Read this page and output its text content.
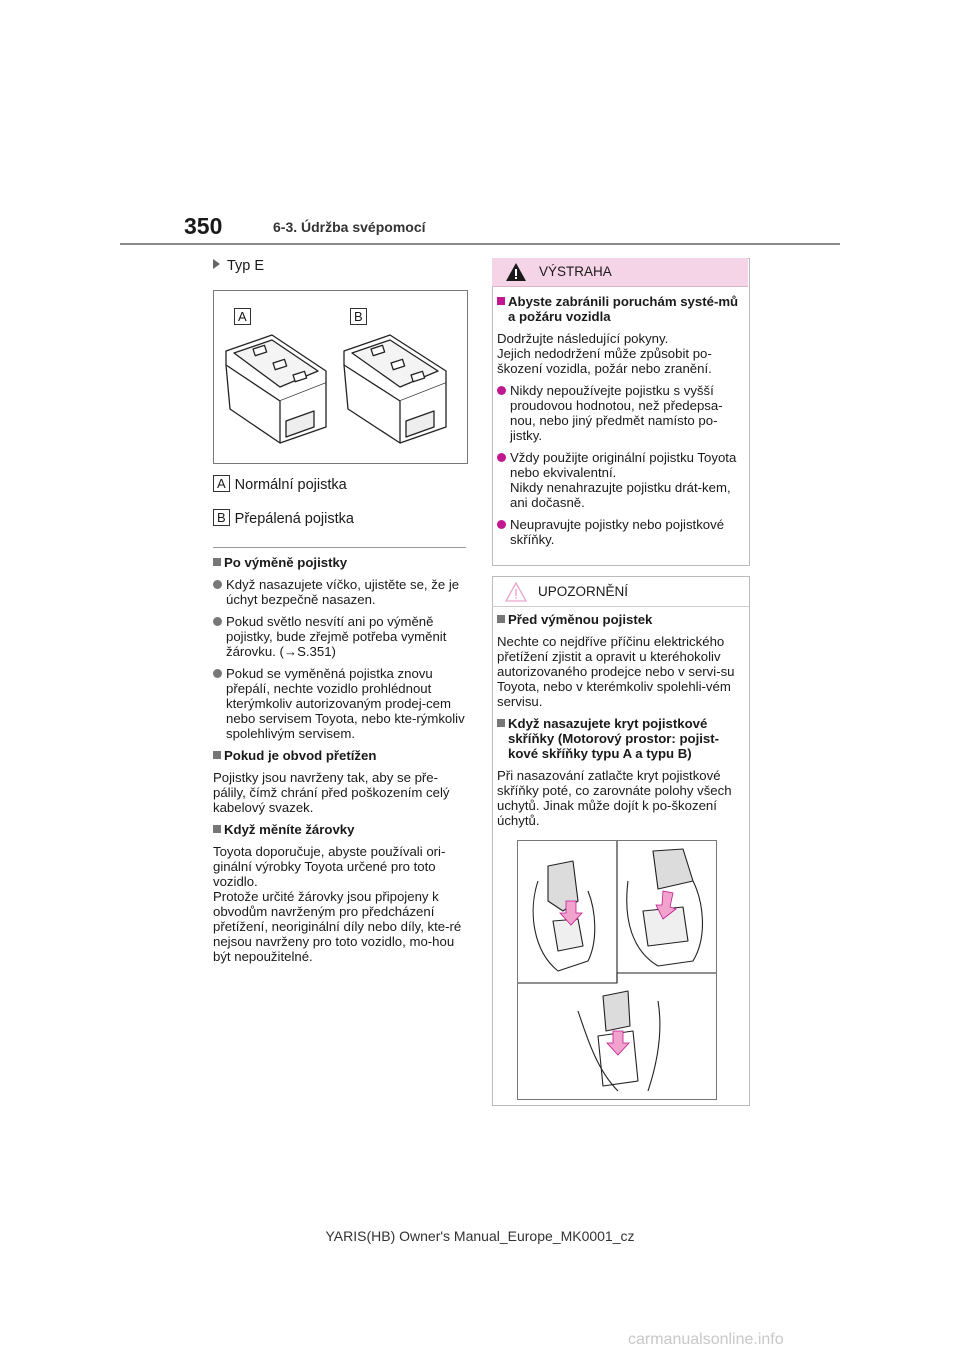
350	6-3. Údržba svépomocí
Typ E
A	B
A Normální pojistka
B Přepálená pojistka

Po výměně pojistky

Když nasazujete víčko, ujistěte se, že je úchyt bezpečně nasazen.

Pokud světlo nesvítí ani po výměně pojistky, bude zřejmě potřeba vyměnit žárovku. (→S.351)

Pokud se vyměněná pojistka znovu přepálí, nechte vozidlo prohlédnout kterýmkoliv autorizovaným prodej-cem nebo servisem Toyota, nebo kte-rýmkoliv spolehlivým servisem.

Pokud je obvod přetížen

Pojistky jsou navrženy tak, aby se pře-pálily, čímž chrání před poškozením celý kabelový svazek.

Když měníte žárovky

Toyota doporučuje, abyste používali ori-ginální výrobky Toyota určené pro toto vozidlo.
Protože určité žárovky jsou připojeny k obvodům navrženým pro předcházení přetížení, neoriginální díly nebo díly, kte-ré nejsou navrženy pro toto vozidlo, mo-hou být nepoužitelné.

VÝSTRAHA

Abyste zabránili poruchám systé-mů a požáru vozidla

Dodržujte následující pokyny.
Jejich nedodržení může způsobit po-škození vozidla, požár nebo zranění.

Nikdy nepoužívejte pojistku s vyšší proudovou hodnotou, než předepsa-nou, nebo jiný předmět namísto po-jistky.

Vždy použijte originální pojistku Toyota nebo ekvivalentní.
Nikdy nenahrazujte pojistku drát-kem, ani dočasně.

Neupravujte pojistky nebo pojistkové skříňky.

UPOZORNĚNÍ

Před výměnou pojistek

Nechte co nejdříve příčinu elektrického přetížení zjistit a opravit u kteréhokoliv autorizovaného prodejce nebo v servi-su Toyota, nebo v kterémkoliv spolehli-vém servisu.

Když nasazujete kryt pojistkové skříňky (Motorový prostor: pojist-kové skříňky typu A a typu B)

Při nasazování zatlačte kryt pojistkové skříňky poté, co zarovnáte polohy všech uchytů. Jinak může dojít k po-škození úchytů.

YARIS(HB) Owner's Manual_Europe_MK0001_cz
carmanualsonline.info
